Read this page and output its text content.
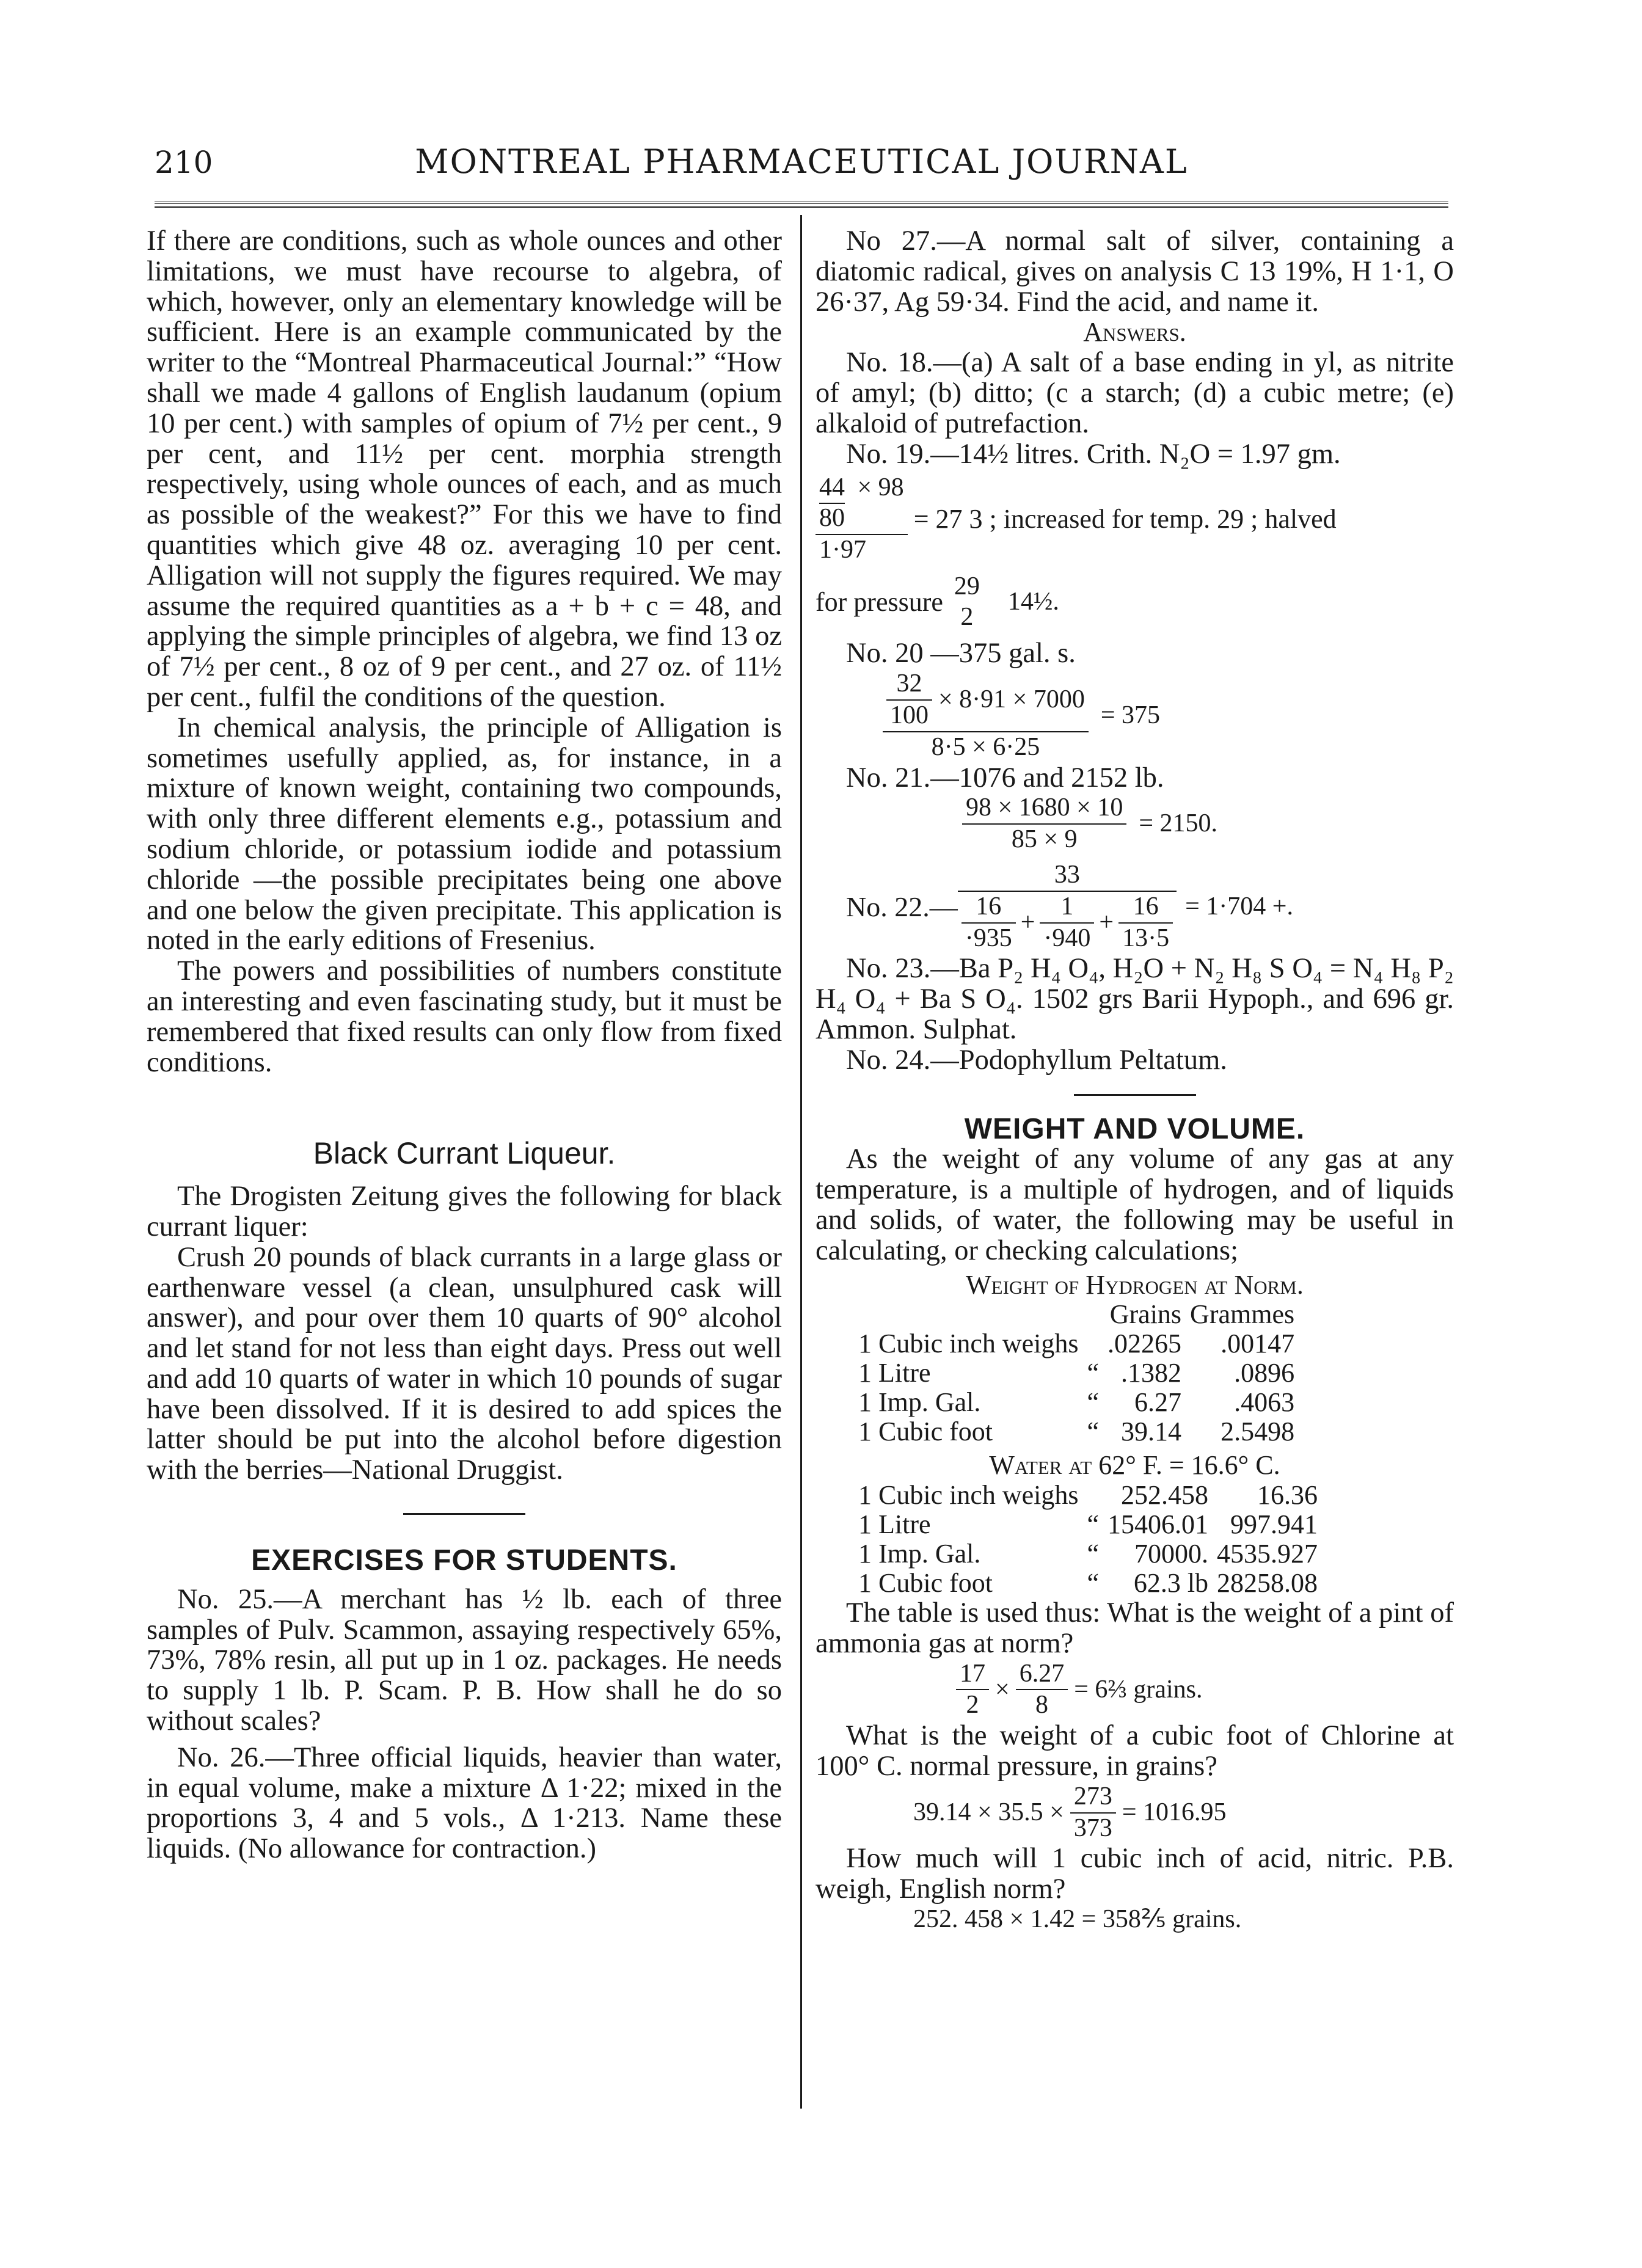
210	MONTREAL PHARMACEUTICAL JOURNAL

If there are conditions, such as whole ounces and other limitations, we must have recourse to algebra, of which, however, only an elementary knowledge will be sufficient. Here is an example communicated by the writer to the “Montreal Pharmaceutical Journal:” “How shall we made 4 gallons of English laudanum (opium 10 per cent.) with samples of opium of 7½ per cent., 9 per cent, and 11½ per cent. morphia strength respectively, using whole ounces of each, and as much as possible of the weakest?” For this we have to find quantities which give 48 oz. averaging 10 per cent. Alligation will not supply the figures required. We may assume the required quantities as a + b + c = 48, and applying the simple principles of algebra, we find 13 oz of 7½ per cent., 8 oz of 9 per cent., and 27 oz. of 11½ per cent., fulfil the conditions of the question.

In chemical analysis, the principle of Alligation is sometimes usefully applied, as, for instance, in a mixture of known weight, containing two compounds, with only three different elements e.g., potassium and sodium chloride, or potassium iodide and potassium chloride —the possible precipitates being one above and one below the given precipitate. This application is noted in the early editions of Fresenius.

The powers and possibilities of numbers constitute an interesting and even fascinating study, but it must be remembered that fixed results can only flow from fixed conditions.

Black Currant Liqueur.

The Drogisten Zeitung gives the following for black currant liquer:

Crush 20 pounds of black currants in a large glass or earthenware vessel (a clean, unsulphured cask will answer), and pour over them 10 quarts of 90° alcohol and let stand for not less than eight days. Press out well and add 10 quarts of water in which 10 pounds of sugar have been dissolved. If it is desired to add spices the latter should be put into the alcohol before digestion with the berries—National Druggist.

EXERCISES FOR STUDENTS.

No. 25.—A merchant has ½ lb. each of three samples of Pulv. Scammon, assaying respectively 65%, 73%, 78% resin, all put up in 1 oz. packages. He needs to supply 1 lb. P. Scam. P. B. How shall he do so without scales?

No. 26.—Three official liquids, heavier than water, in equal volume, make a mixture Δ 1·22; mixed in the proportions 3, 4 and 5 vols., Δ 1·213. Name these liquids. (No allowance for contraction.)

No 27.—A normal salt of silver, containing a diatomic radical, gives on analysis C 13 19%, H 1·1, O 26·37, Ag 59·34. Find the acid, and name it.

Answers.

No. 18.—(a) A salt of a base ending in yl, as nitrite of amyl; (b) ditto; (c a starch; (d) a cubic metre; (e) alkaloid of putrefaction.

No. 19.—14½ litres. Crith. N₂O = 1.97 gm.

44 × 98
80
1·97
= 27 3 ; increased for temp. 29 ; halved
for pressure
29
2
14½.

No. 20 —375 gal. s.

$\frac{\frac{32}{100} \times 8\cdot 91 \times 7000}{8\cdot 5 \times 6\cdot 25} = 375$

No. 21.—1076 and 2152 lb.

$\frac{98 \times 1680 \times 10}{85 \times 9} = 2150$.
No. 22.— $\frac{33}{\frac{16}{\cdot 935} + \frac{1}{\cdot 940} + \frac{16}{13\cdot 5}} = 1\cdot 704$ +.

No. 23.—Ba P₂ H₄ O₄, H₂O + N₂ H₈ S O₄ = N₄ H₈ P₂ H₄ O₄ + Ba S O₄. 1502 grs Barii Hypoph., and 696 gr. Ammon. Sulphat.

No. 24.—Podophyllum Peltatum.

WEIGHT AND VOLUME.

As the weight of any volume of any gas at any temperature, is a multiple of hydrogen, and of liquids and solids, of water, the following may be useful in calculating, or checking calculations;

Weight of Hydrogen at Norm.
		Grains	Grammes
1 Cubic inch weighs		.02265	.00147
1 Litre	“	.1382	.0896
1 Imp. Gal.	“	6.27	.4063
1 Cubic foot	“	39.14	2.5498
Water at 62° F. = 16.6° C.
1 Cubic inch weighs		252.458	16.36
1 Litre	“	15406.01	997.941
1 Imp. Gal.	“	70000.	4535.927
1 Cubic foot	“	62.3 lb	28258.08

The table is used thus: What is the weight of a pint of ammonia gas at norm?

$\frac{17}{2} \times \frac{6.27}{8}$ = 6⅔ grains.

What is the weight of a cubic foot of Chlorine at 100° C. normal pressure, in grains?

$39.14 \times 35.5 \times \frac{273}{373} = 1016.95$

How much will 1 cubic inch of acid, nitric. P.B. weigh, English norm?

252. 458 × 1.42 = 358⅖ grains.
